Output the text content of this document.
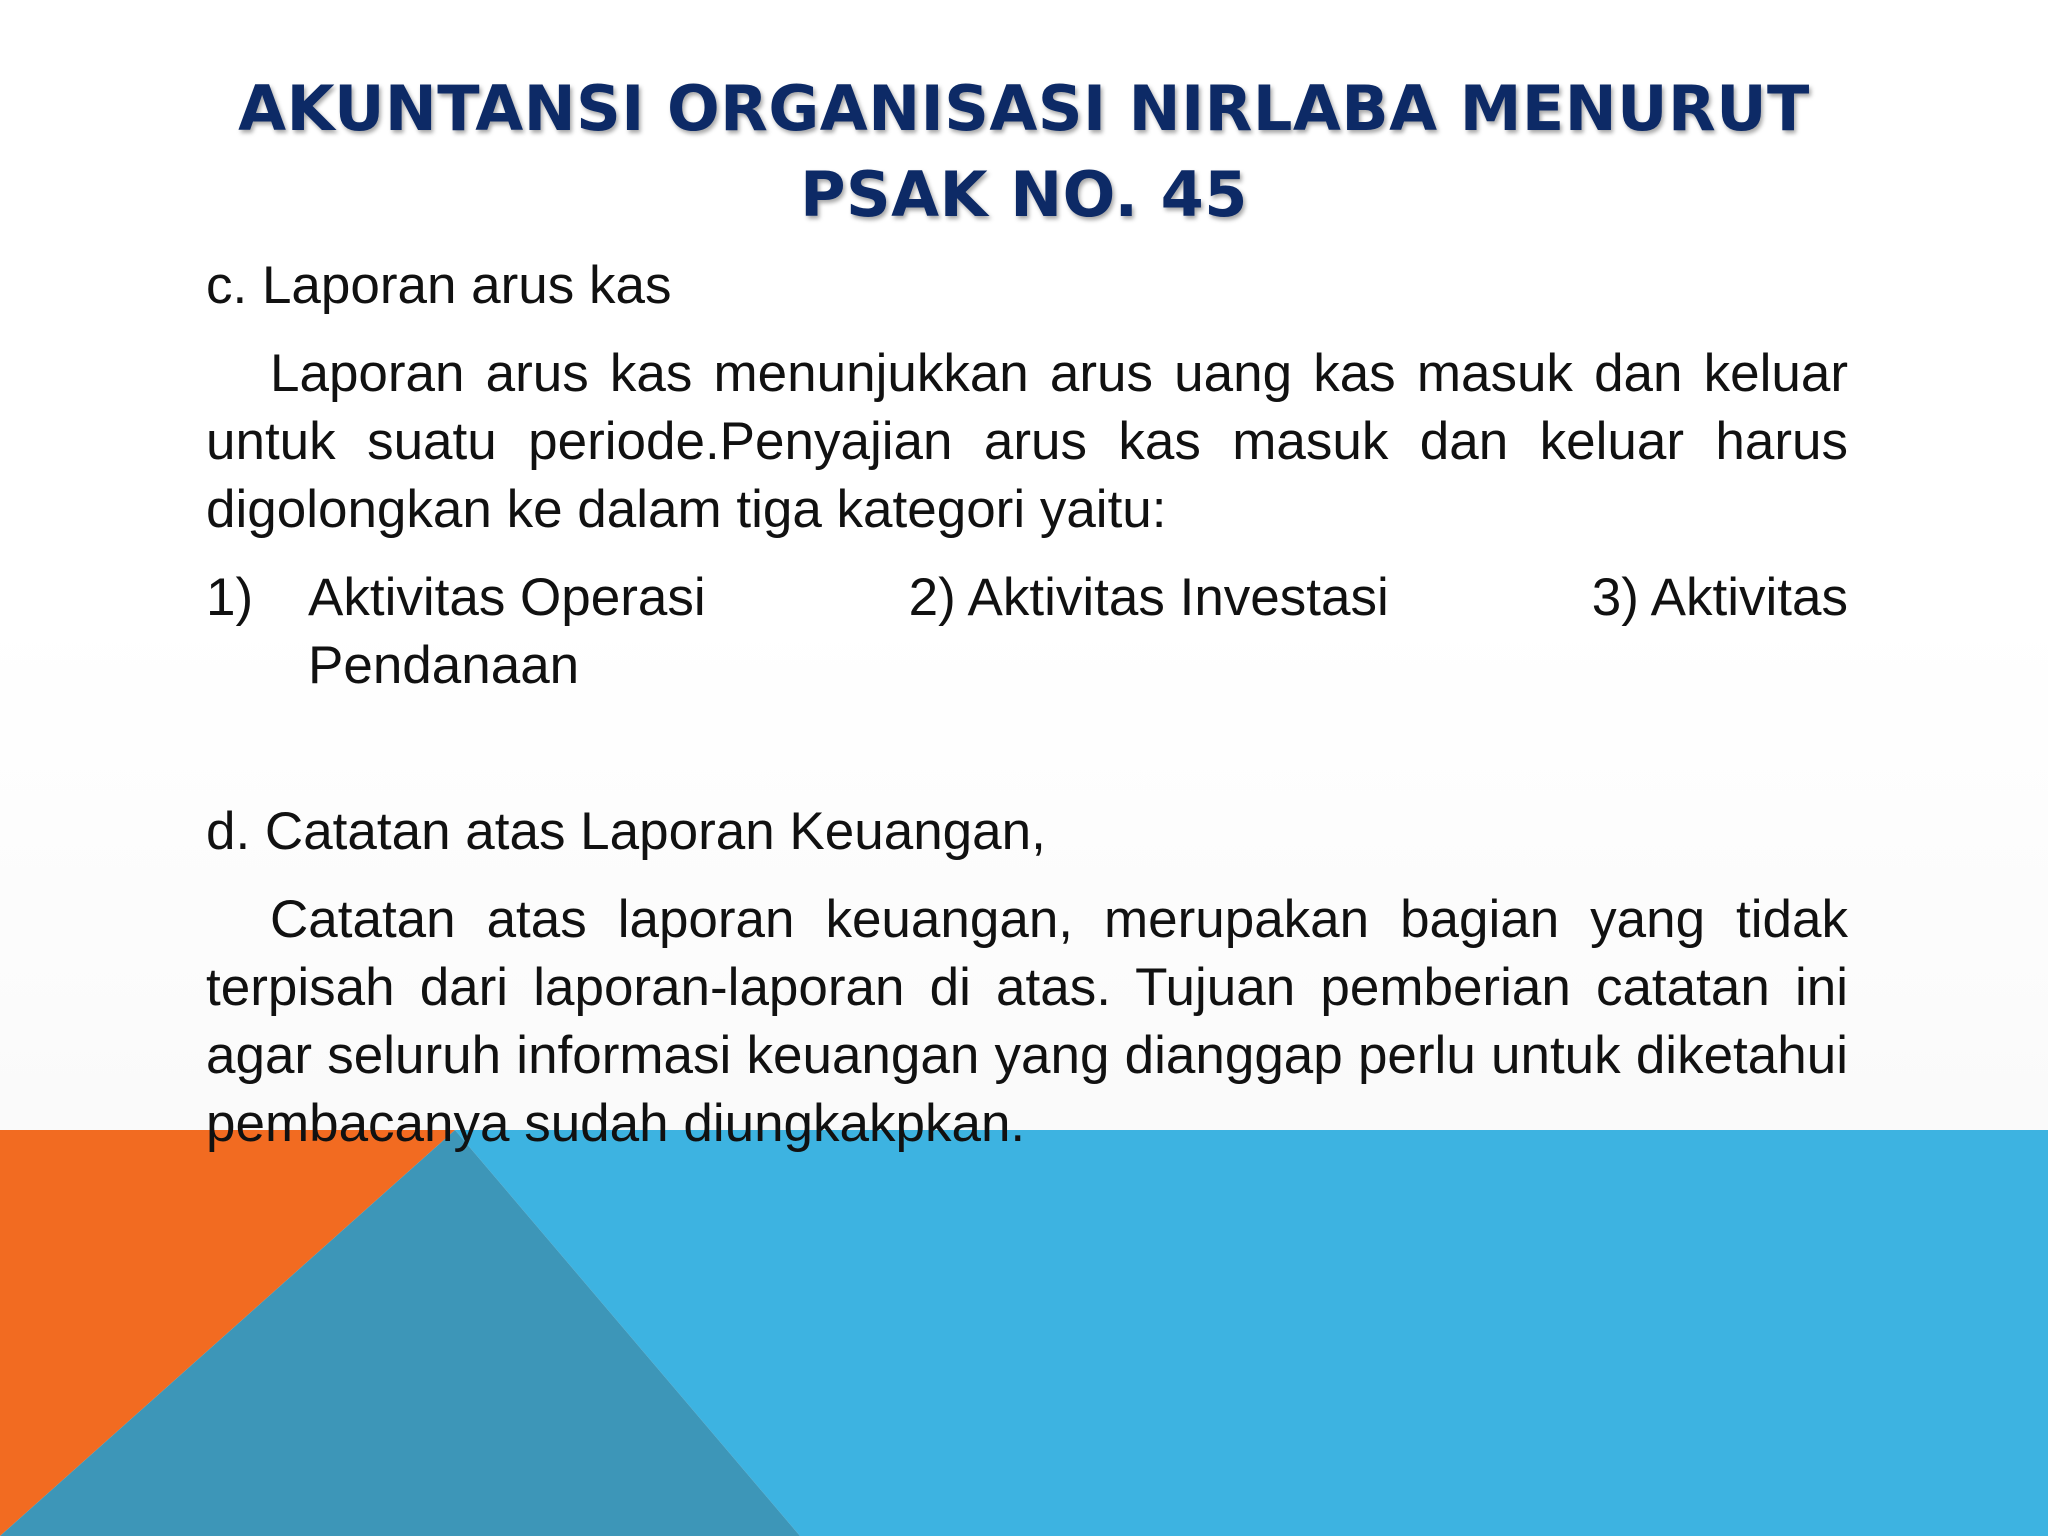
AKUNTANSI ORGANISASI NIRLABA MENURUT PSAK NO. 45

c. Laporan arus kas

Laporan arus kas menunjukkan arus uang kas masuk dan keluar untuk suatu periode.Penyajian arus kas masuk dan keluar harus digolongkan ke dalam tiga kategori yaitu:

1) Aktivitas Operasi	2) Aktivitas Investasi	3) Aktivitas
Pendanaan

d. Catatan atas Laporan Keuangan,

Catatan atas laporan keuangan, merupakan bagian yang tidak terpisah dari laporan-laporan di atas. Tujuan pemberian catatan ini agar seluruh informasi keuangan yang dianggap perlu untuk diketahui pembacanya sudah diungkakpkan.
